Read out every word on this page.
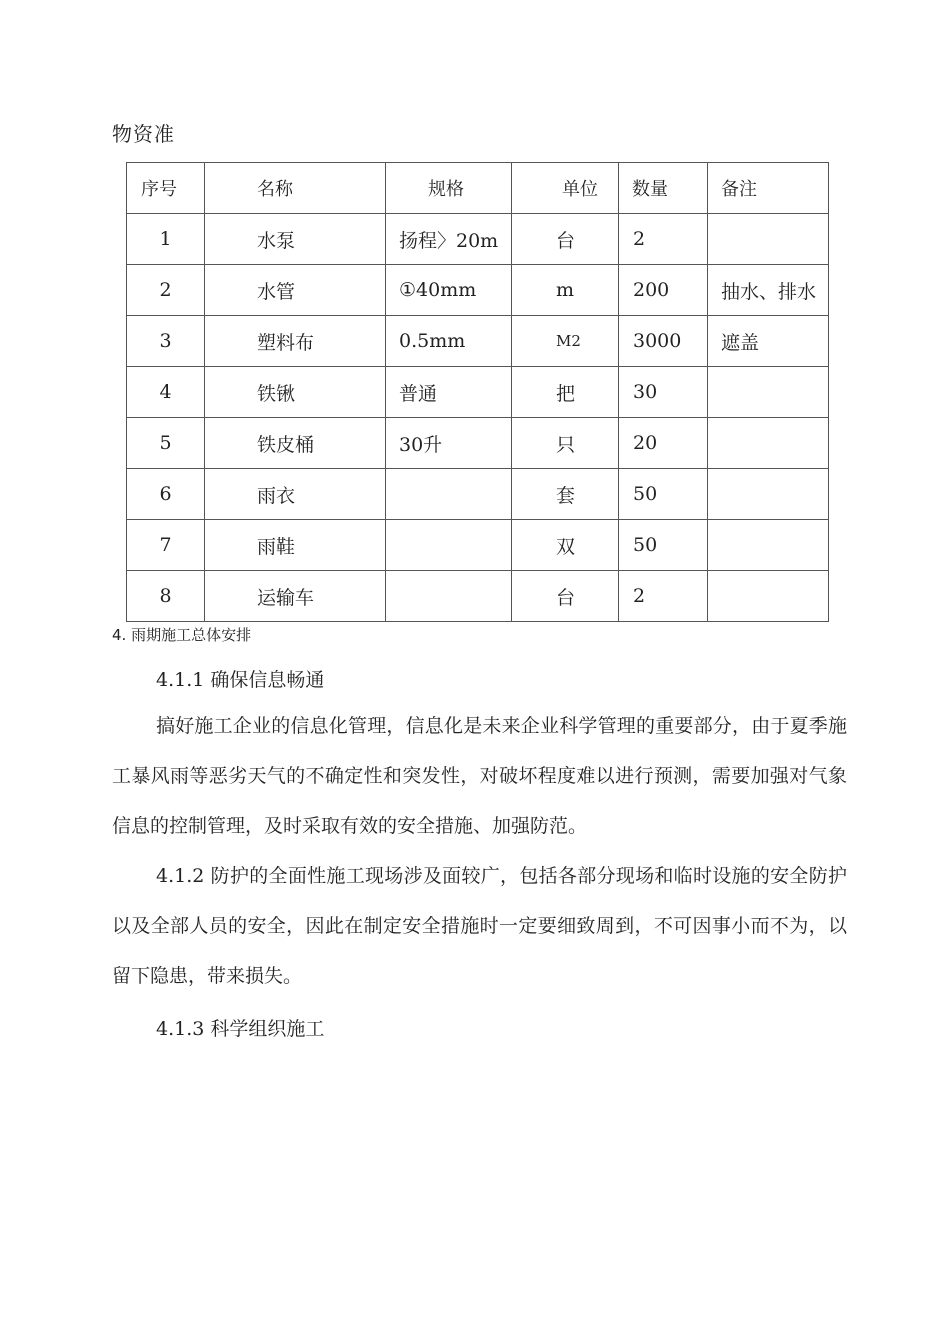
物资准
序号	名称	规格	单位	数量	备注
1	水泵	扬程〉20m	台	2	
2	水管	①40mm	m	200	抽水、排水
3	塑料布	0.5mm	M2	3000	遮盖
4	铁锹	普通	把	30	
5	铁皮桶	30升	只	20	
6	雨衣		套	50	
7	雨鞋		双	50	
8	运输车		台	2	
4. 雨期施工总体安排
4.1.1 确保信息畅通
搞好施工企业的信息化管理，信息化是未来企业科学管理的重要部分，由于夏季施工暴风雨等恶劣天气的不确定性和突发性，对破坏程度难以进行预测，需要加强对气象信息的控制管理，及时采取有效的安全措施、加强防范。
4.1.2 防护的全面性施工现场涉及面较广，包括各部分现场和临时设施的安全防护以及全部人员的安全，因此在制定安全措施时一定要细致周到，不可因事小而不为，以留下隐患，带来损失。
4.1.3 科学组织施工
